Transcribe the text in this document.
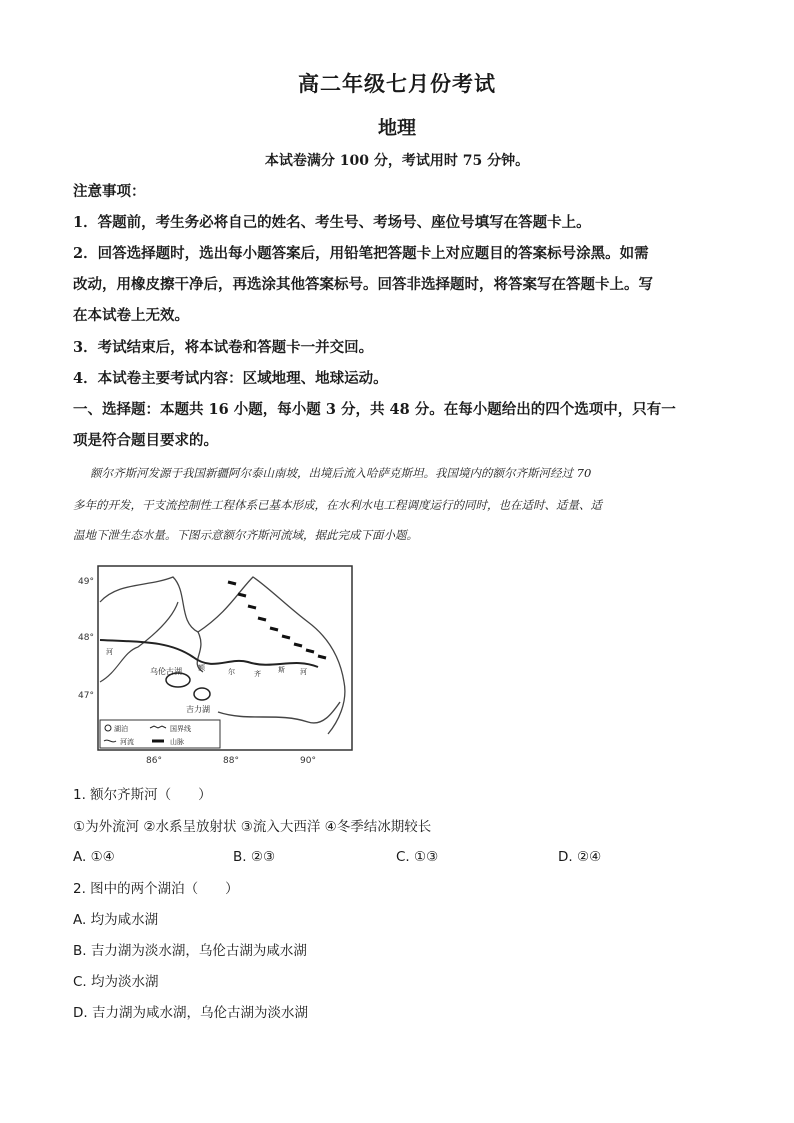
高二年级七月份考试
地理
本试卷满分 100 分，考试用时 75 分钟。
注意事项：
1．答题前，考生务必将自己的姓名、考生号、考场号、座位号填写在答题卡上。
2．回答选择题时，选出每小题答案后，用铅笔把答题卡上对应题目的答案标号涂黑。如需
改动，用橡皮擦干净后，再选涂其他答案标号。回答非选择题时，将答案写在答题卡上。写
在本试卷上无效。
3．考试结束后，将本试卷和答题卡一并交回。
4．本试卷主要考试内容：区域地理、地球运动。
一、选择题：本题共 16 小题，每小题 3 分，共 48 分。在每小题给出的四个选项中，只有一
项是符合题目要求的。
额尔齐斯河发源于我国新疆阿尔泰山南坡，出境后流入哈萨克斯坦。我国境内的额尔齐斯河经过 70
多年的开发，干支流控制性工程体系已基本形成，在水利水电工程调度运行的同时，也在适时、适量、适
温地下泄生态水量。下图示意额尔齐斯河流域，据此完成下面小题。
49°
48°
47°
86°	88°	90°
乌伦古湖
吉力湖
河
额	尔	齐 斯 河
湖泊	国界线
河流	山脉
1. 额尔齐斯河（　　）
①为外流河 ②水系呈放射状 ③流入大西洋 ④冬季结冰期较长
A. ①④	B. ②③	C. ①③	D. ②④
2. 图中的两个湖泊（　　）
A. 均为咸水湖
B. 吉力湖为淡水湖，乌伦古湖为咸水湖
C. 均为淡水湖
D. 吉力湖为咸水湖，乌伦古湖为淡水湖
